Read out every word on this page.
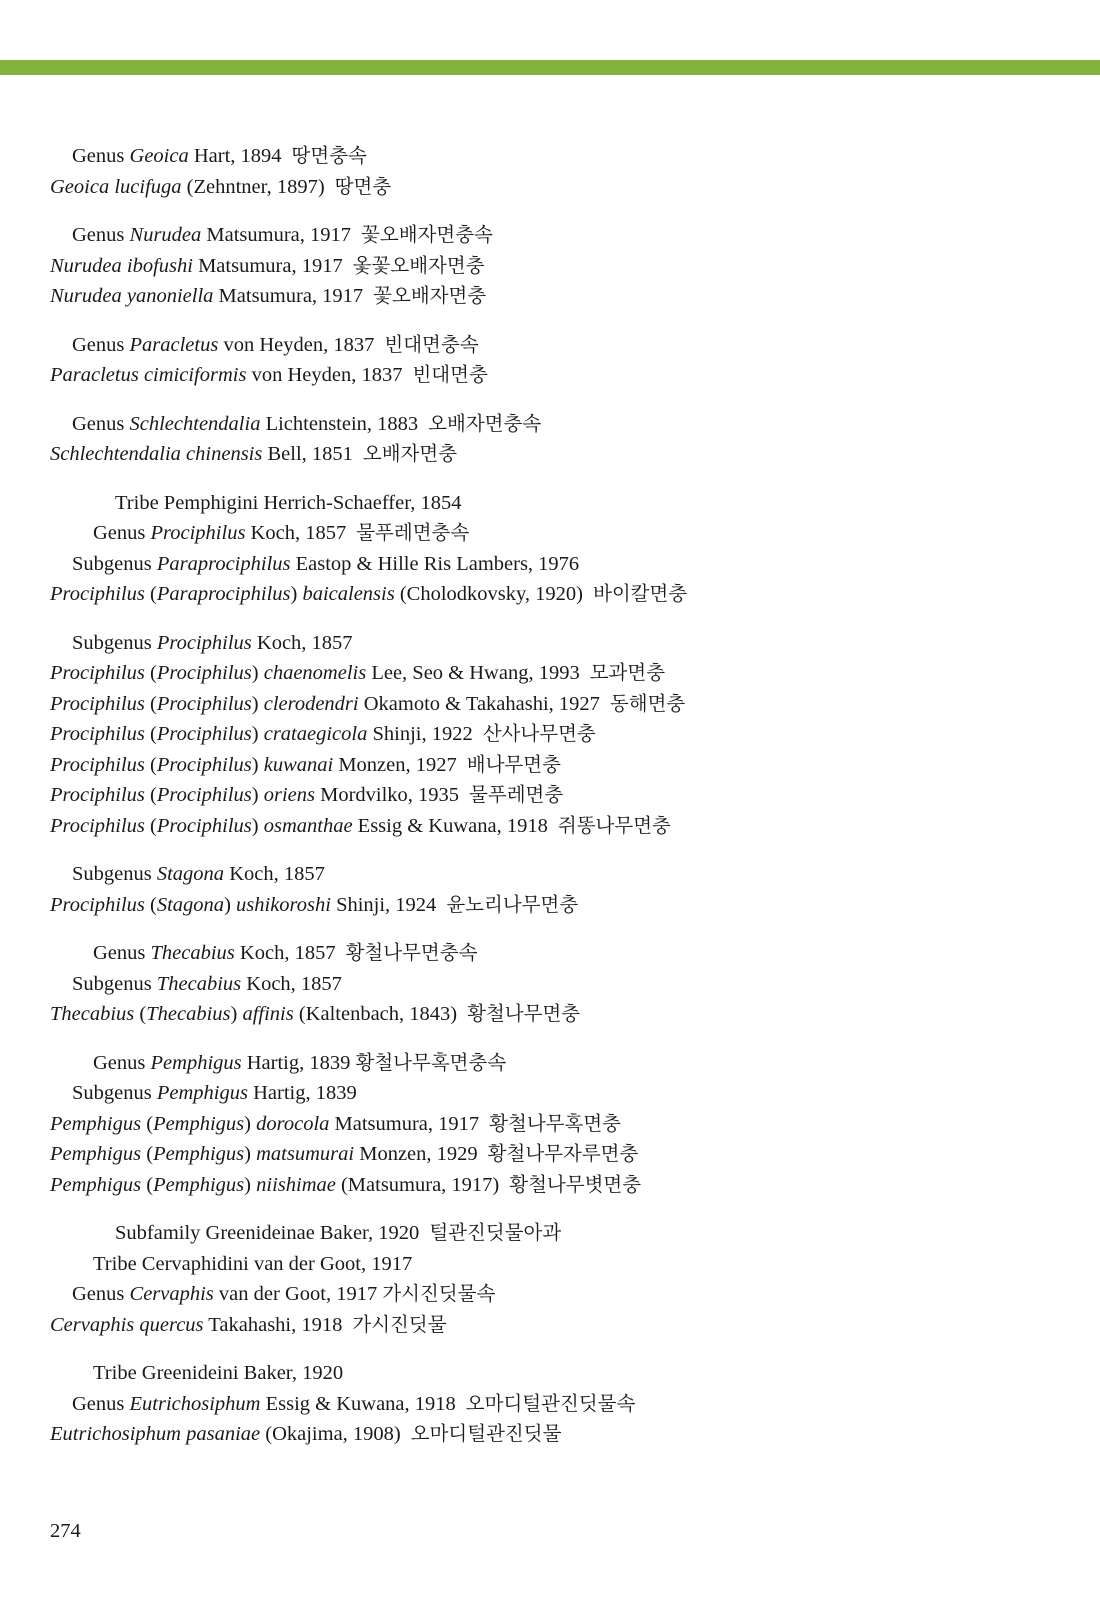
Genus Geoica Hart, 1894 땅면충속
Geoica lucifuga (Zehntner, 1897) 땅면충
Genus Nurudea Matsumura, 1917 꽃오배자면충속
Nurudea ibofushi Matsumura, 1917 옻꽃오배자면충
Nurudea yanoniella Matsumura, 1917 꽃오배자면충
Genus Paracletus von Heyden, 1837 빈대면충속
Paracletus cimiciformis von Heyden, 1837 빈대면충
Genus Schlechtendalia Lichtenstein, 1883 오배자면충속
Schlechtendalia chinensis Bell, 1851 오배자면충
Tribe Pemphigini Herrich-Schaeffer, 1854
Genus Prociphilus Koch, 1857 물푸레면충속
Subgenus Paraprociphilus Eastop & Hille Ris Lambers, 1976
Prociphilus (Paraprociphilus) baicalensis (Cholodkovsky, 1920) 바이칼면충
Subgenus Prociphilus Koch, 1857
Prociphilus (Prociphilus) chaenomelis Lee, Seo & Hwang, 1993 모과면충
Prociphilus (Prociphilus) clerodendri Okamoto & Takahashi, 1927 동해면충
Prociphilus (Prociphilus) crataegicola Shinji, 1922 산사나무면충
Prociphilus (Prociphilus) kuwanai Monzen, 1927 배나무면충
Prociphilus (Prociphilus) oriens Mordvilko, 1935 물푸레면충
Prociphilus (Prociphilus) osmanthae Essig & Kuwana, 1918 쥐똥나무면충
Subgenus Stagona Koch, 1857
Prociphilus (Stagona) ushikoroshi Shinji, 1924 윤노리나무면충
Genus Thecabius Koch, 1857 황철나무면충속
Subgenus Thecabius Koch, 1857
Thecabius (Thecabius) affinis (Kaltenbach, 1843) 황철나무면충
Genus Pemphigus Hartig, 1839 황철나무혹면충속
Subgenus Pemphigus Hartig, 1839
Pemphigus (Pemphigus) dorocola Matsumura, 1917 황철나무혹면충
Pemphigus (Pemphigus) matsumurai Monzen, 1929 황철나무자루면충
Pemphigus (Pemphigus) niishimae (Matsumura, 1917) 황철나무볏면충
Subfamily Greenideinae Baker, 1920 털관진딧물아과
Tribe Cervaphidini van der Goot, 1917
Genus Cervaphis van der Goot, 1917 가시진딧물속
Cervaphis quercus Takahashi, 1918 가시진딧물
Tribe Greenideini Baker, 1920
Genus Eutrichosiphum Essig & Kuwana, 1918 오마디털관진딧물속
Eutrichosiphum pasaniae (Okajima, 1908) 오마디털관진딧물
274
